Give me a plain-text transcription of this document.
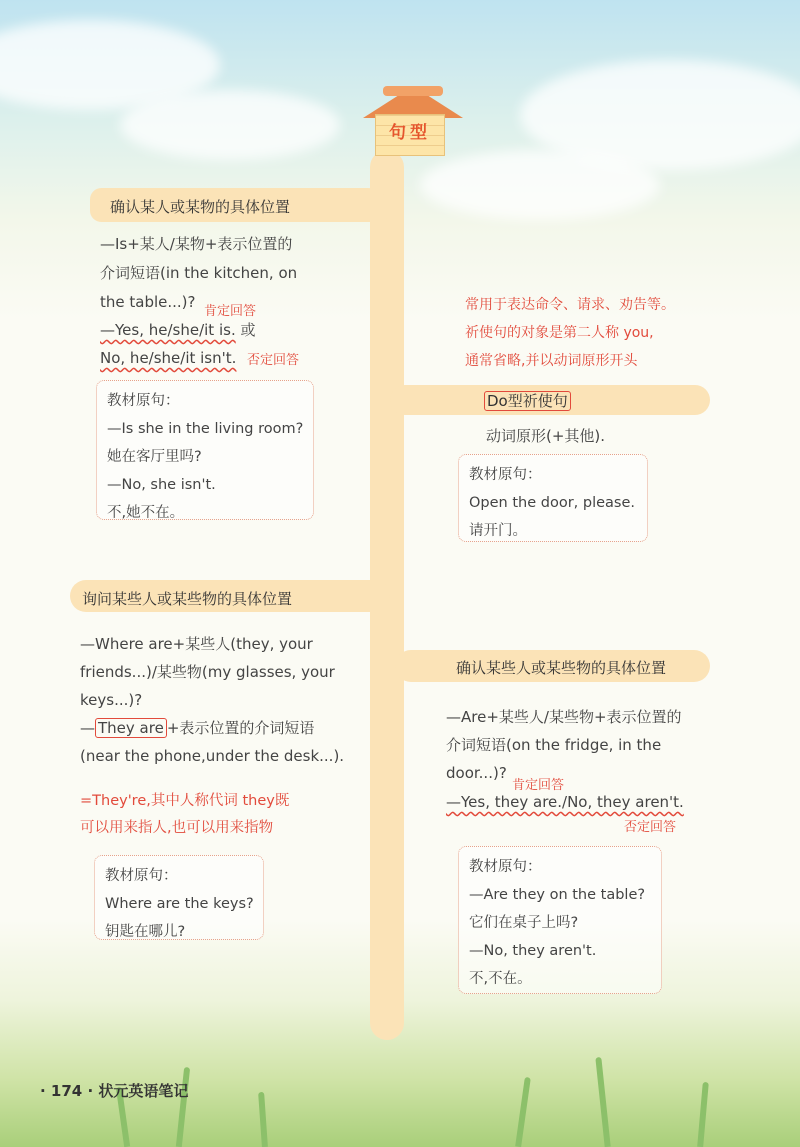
句型
确认某人或某物的具体位置
—Is+某人/某物+表示位置的
介词短语(in the kitchen, on
the table...)?
肯定回答
—Yes, he/she/it is. 或
No, he/she/it isn't. 否定回答
教材原句：
—Is she in the living room?
她在客厅里吗?
—No, she isn't.
不,她不在。
常用于表达命令、请求、劝告等。
祈使句的对象是第二人称 you,
通常省略,并以动词原形开头
Do型祈使句
动词原形(+其他).
教材原句：
Open the door, please.
请开门。
询问某些人或某些物的具体位置
—Where are+某些人(they, your
friends...)/某些物(my glasses, your
keys...)?
— They are +表示位置的介词短语
(near the phone,under the desk...).
=They're,其中人称代词 they既
可以用来指人,也可以用来指物
教材原句：
Where are the keys?
钥匙在哪儿?
确认某些人或某些物的具体位置
—Are+某些人/某些物+表示位置的
介词短语(on the fridge, in the
door...)?
肯定回答
—Yes, they are./No, they aren't.
否定回答
教材原句：
—Are they on the table?
它们在桌子上吗?
—No, they aren't.
不,不在。
· 174 · 状元英语笔记
